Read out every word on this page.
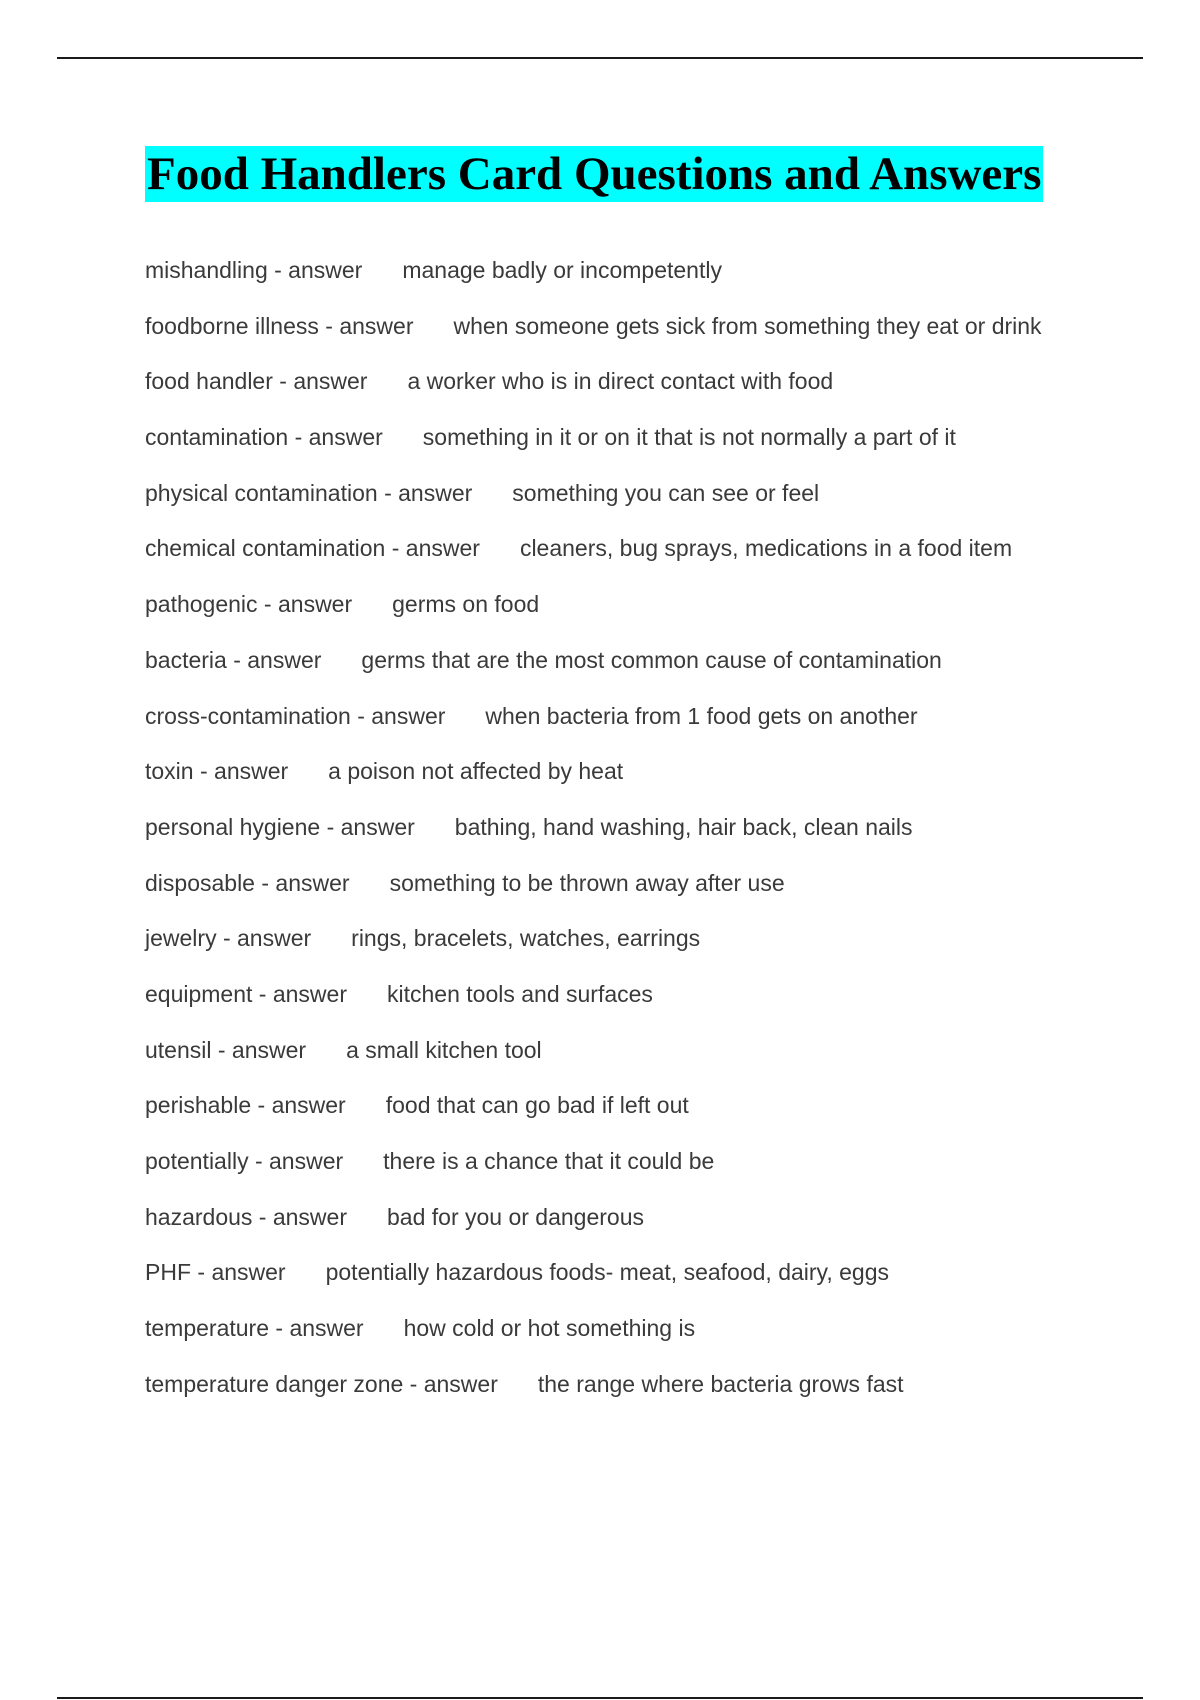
Food Handlers Card Questions and Answers
mishandling - answer manage badly or incompetently
foodborne illness - answer when someone gets sick from something they eat or drink
food handler - answer a worker who is in direct contact with food
contamination - answer something in it or on it that is not normally a part of it
physical contamination - answer something you can see or feel
chemical contamination - answer cleaners, bug sprays, medications in a food item
pathogenic - answer germs on food
bacteria - answer germs that are the most common cause of contamination
cross-contamination - answer when bacteria from 1 food gets on another
toxin - answer a poison not affected by heat
personal hygiene - answer bathing, hand washing, hair back, clean nails
disposable - answer something to be thrown away after use
jewelry - answer rings, bracelets, watches, earrings
equipment - answer kitchen tools and surfaces
utensil - answer a small kitchen tool
perishable - answer food that can go bad if left out
potentially - answer there is a chance that it could be
hazardous - answer bad for you or dangerous
PHF - answer potentially hazardous foods- meat, seafood, dairy, eggs
temperature - answer how cold or hot something is
temperature danger zone - answer the range where bacteria grows fast
